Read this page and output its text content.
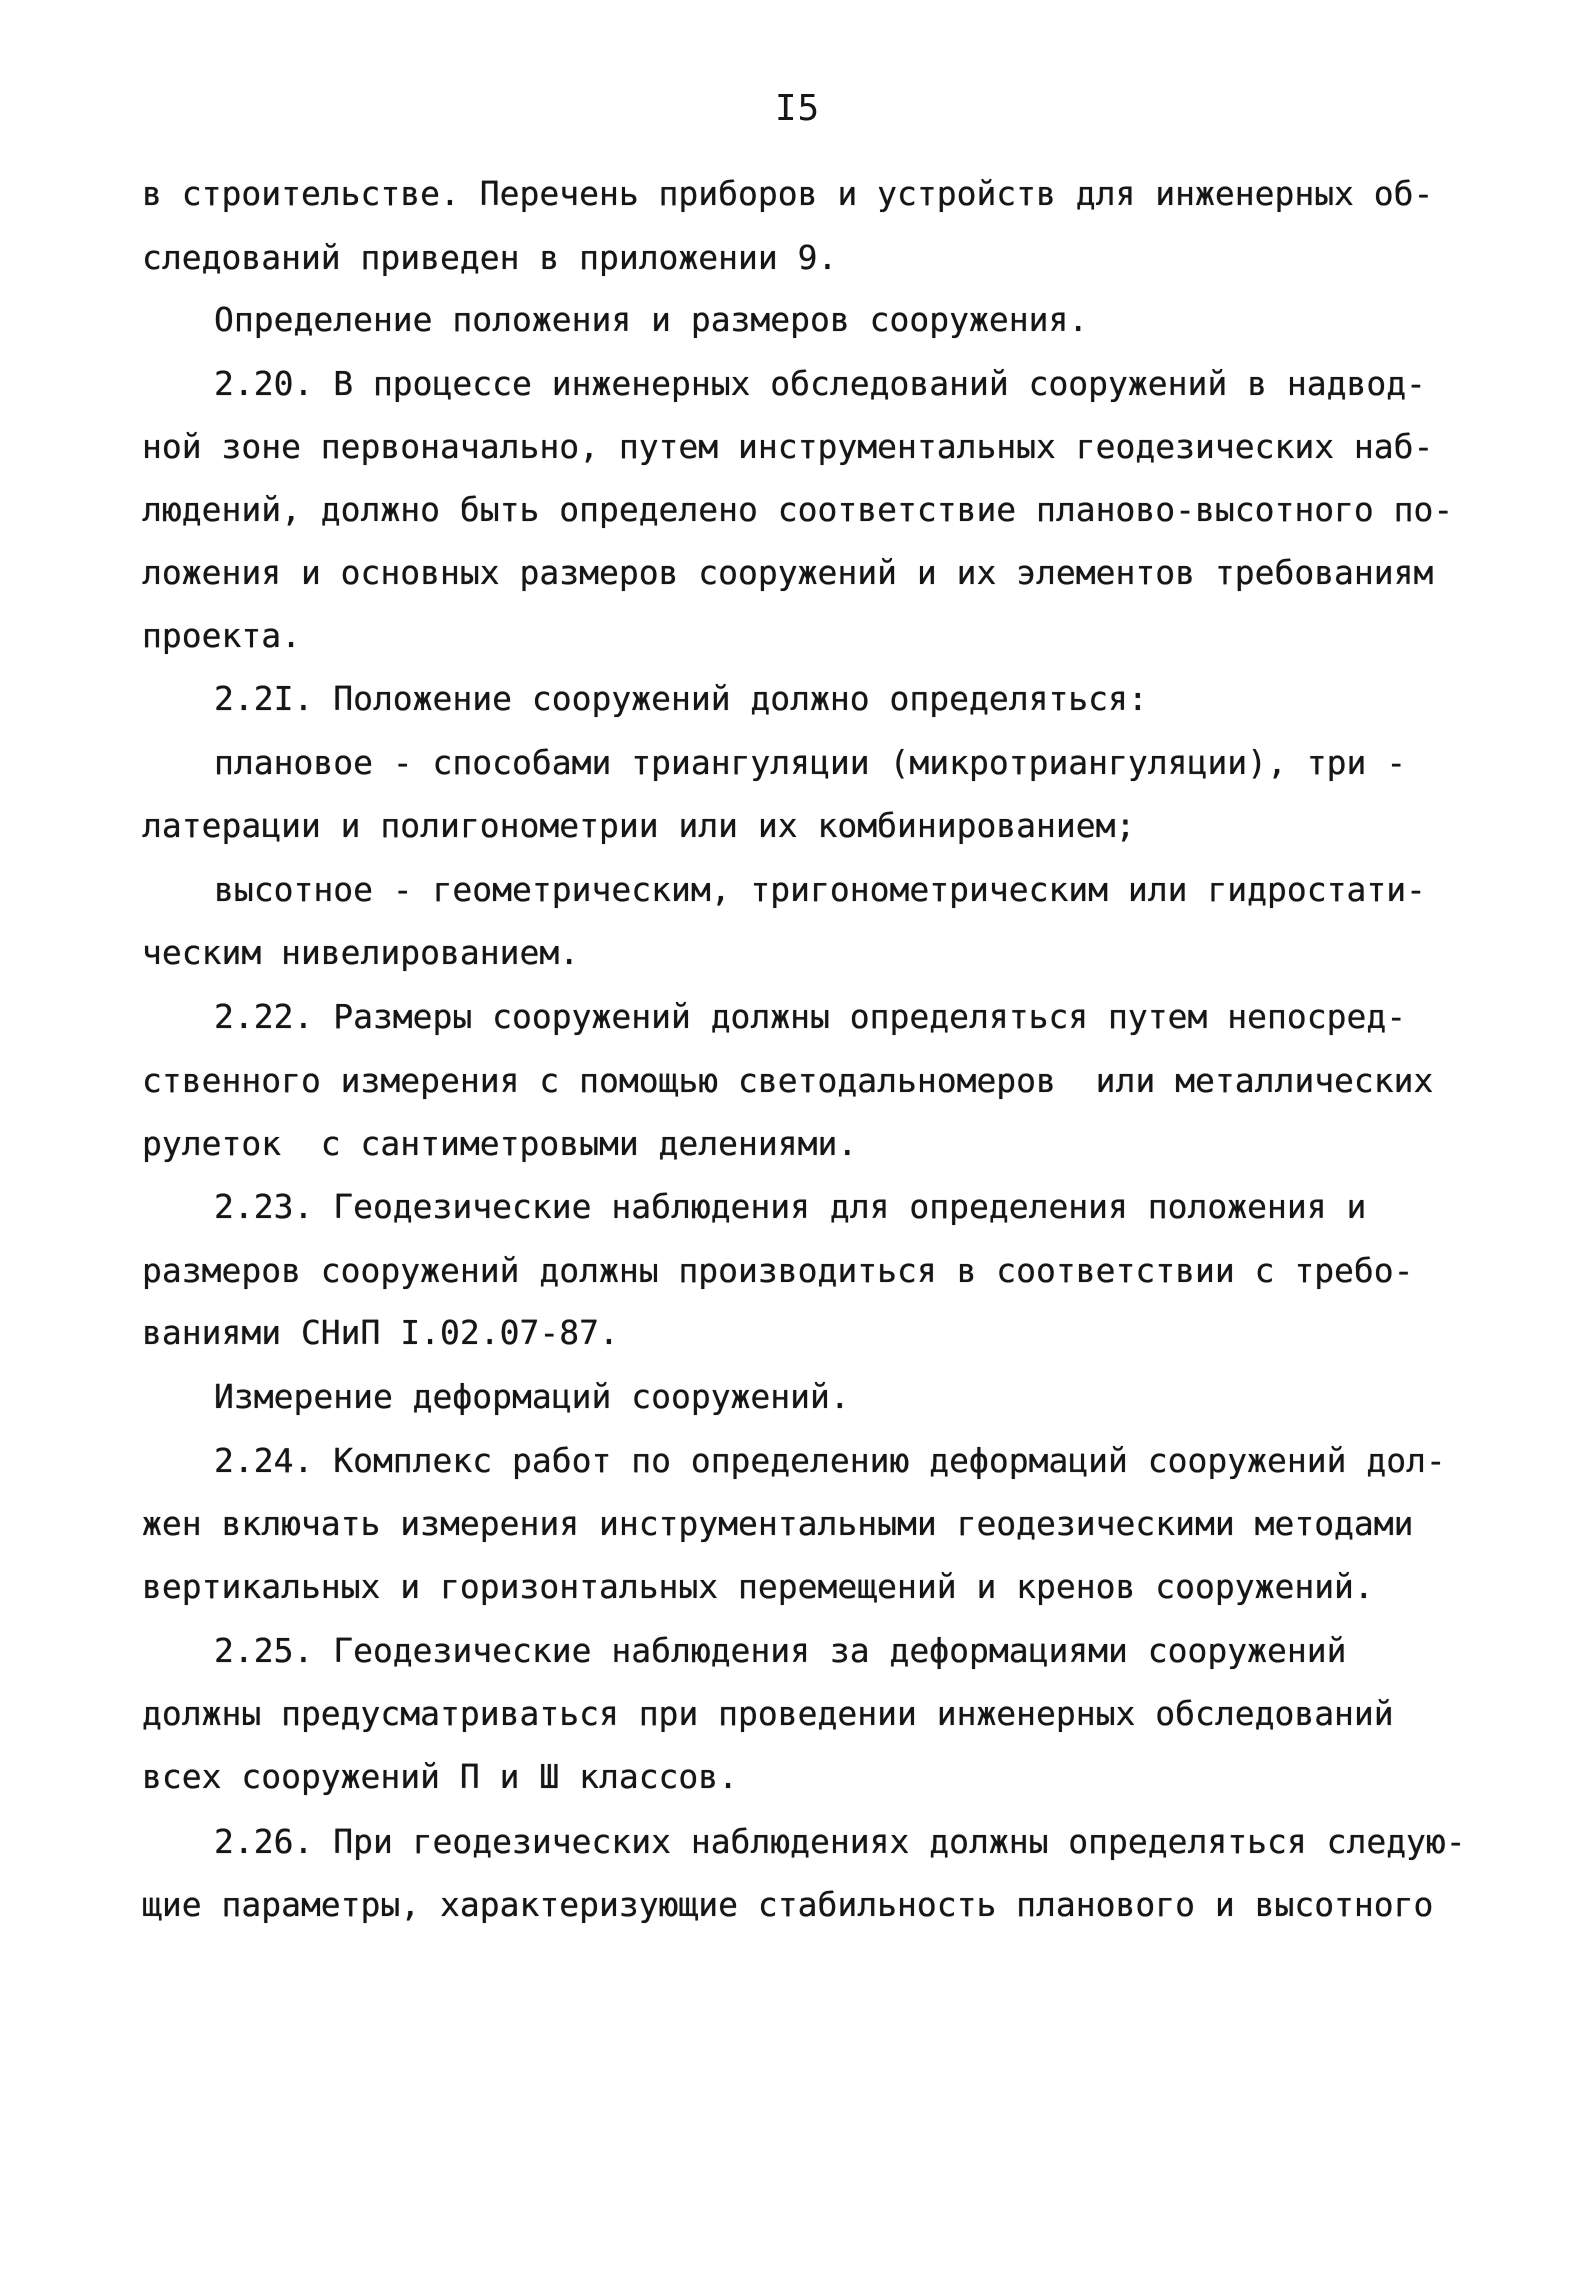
I5
в строительстве. Перечень приборов и устройств для инженерных об-
следований приведен в приложении 9.
Определение положения и размеров сооружения.
2.20. В процессе инженерных обследований сооружений в надвод-
ной зоне первоначально, путем инструментальных геодезических наб-
людений, должно быть определено соответствие планово-высотного по-
ложения и основных размеров сооружений и их элементов требованиям
проекта.
2.2I. Положение сооружений должно определяться:
плановое - способами триангуляции (микротриангуляции), три -
латерации и полигонометрии или их комбинированием;
высотное - геометрическим, тригонометрическим или гидростати-
ческим нивелированием.
2.22. Размеры сооружений должны определяться путем непосред-
ственного измерения с помощью светодальномеров  или металлических
рулеток  с сантиметровыми делениями.
2.23. Геодезические наблюдения для определения положения и
размеров сооружений должны производиться в соответствии с требо-
ваниями СНиП I.02.07-87.
Измерение деформаций сооружений.
2.24. Комплекс работ по определению деформаций сооружений дол-
жен включать измерения инструментальными геодезическими методами
вертикальных и горизонтальных перемещений и кренов сооружений.
2.25. Геодезические наблюдения за деформациями сооружений
должны предусматриваться при проведении инженерных обследований
всех сооружений П и Ш классов.
2.26. При геодезических наблюдениях должны определяться следую-
щие параметры, характеризующие стабильность планового и высотного
